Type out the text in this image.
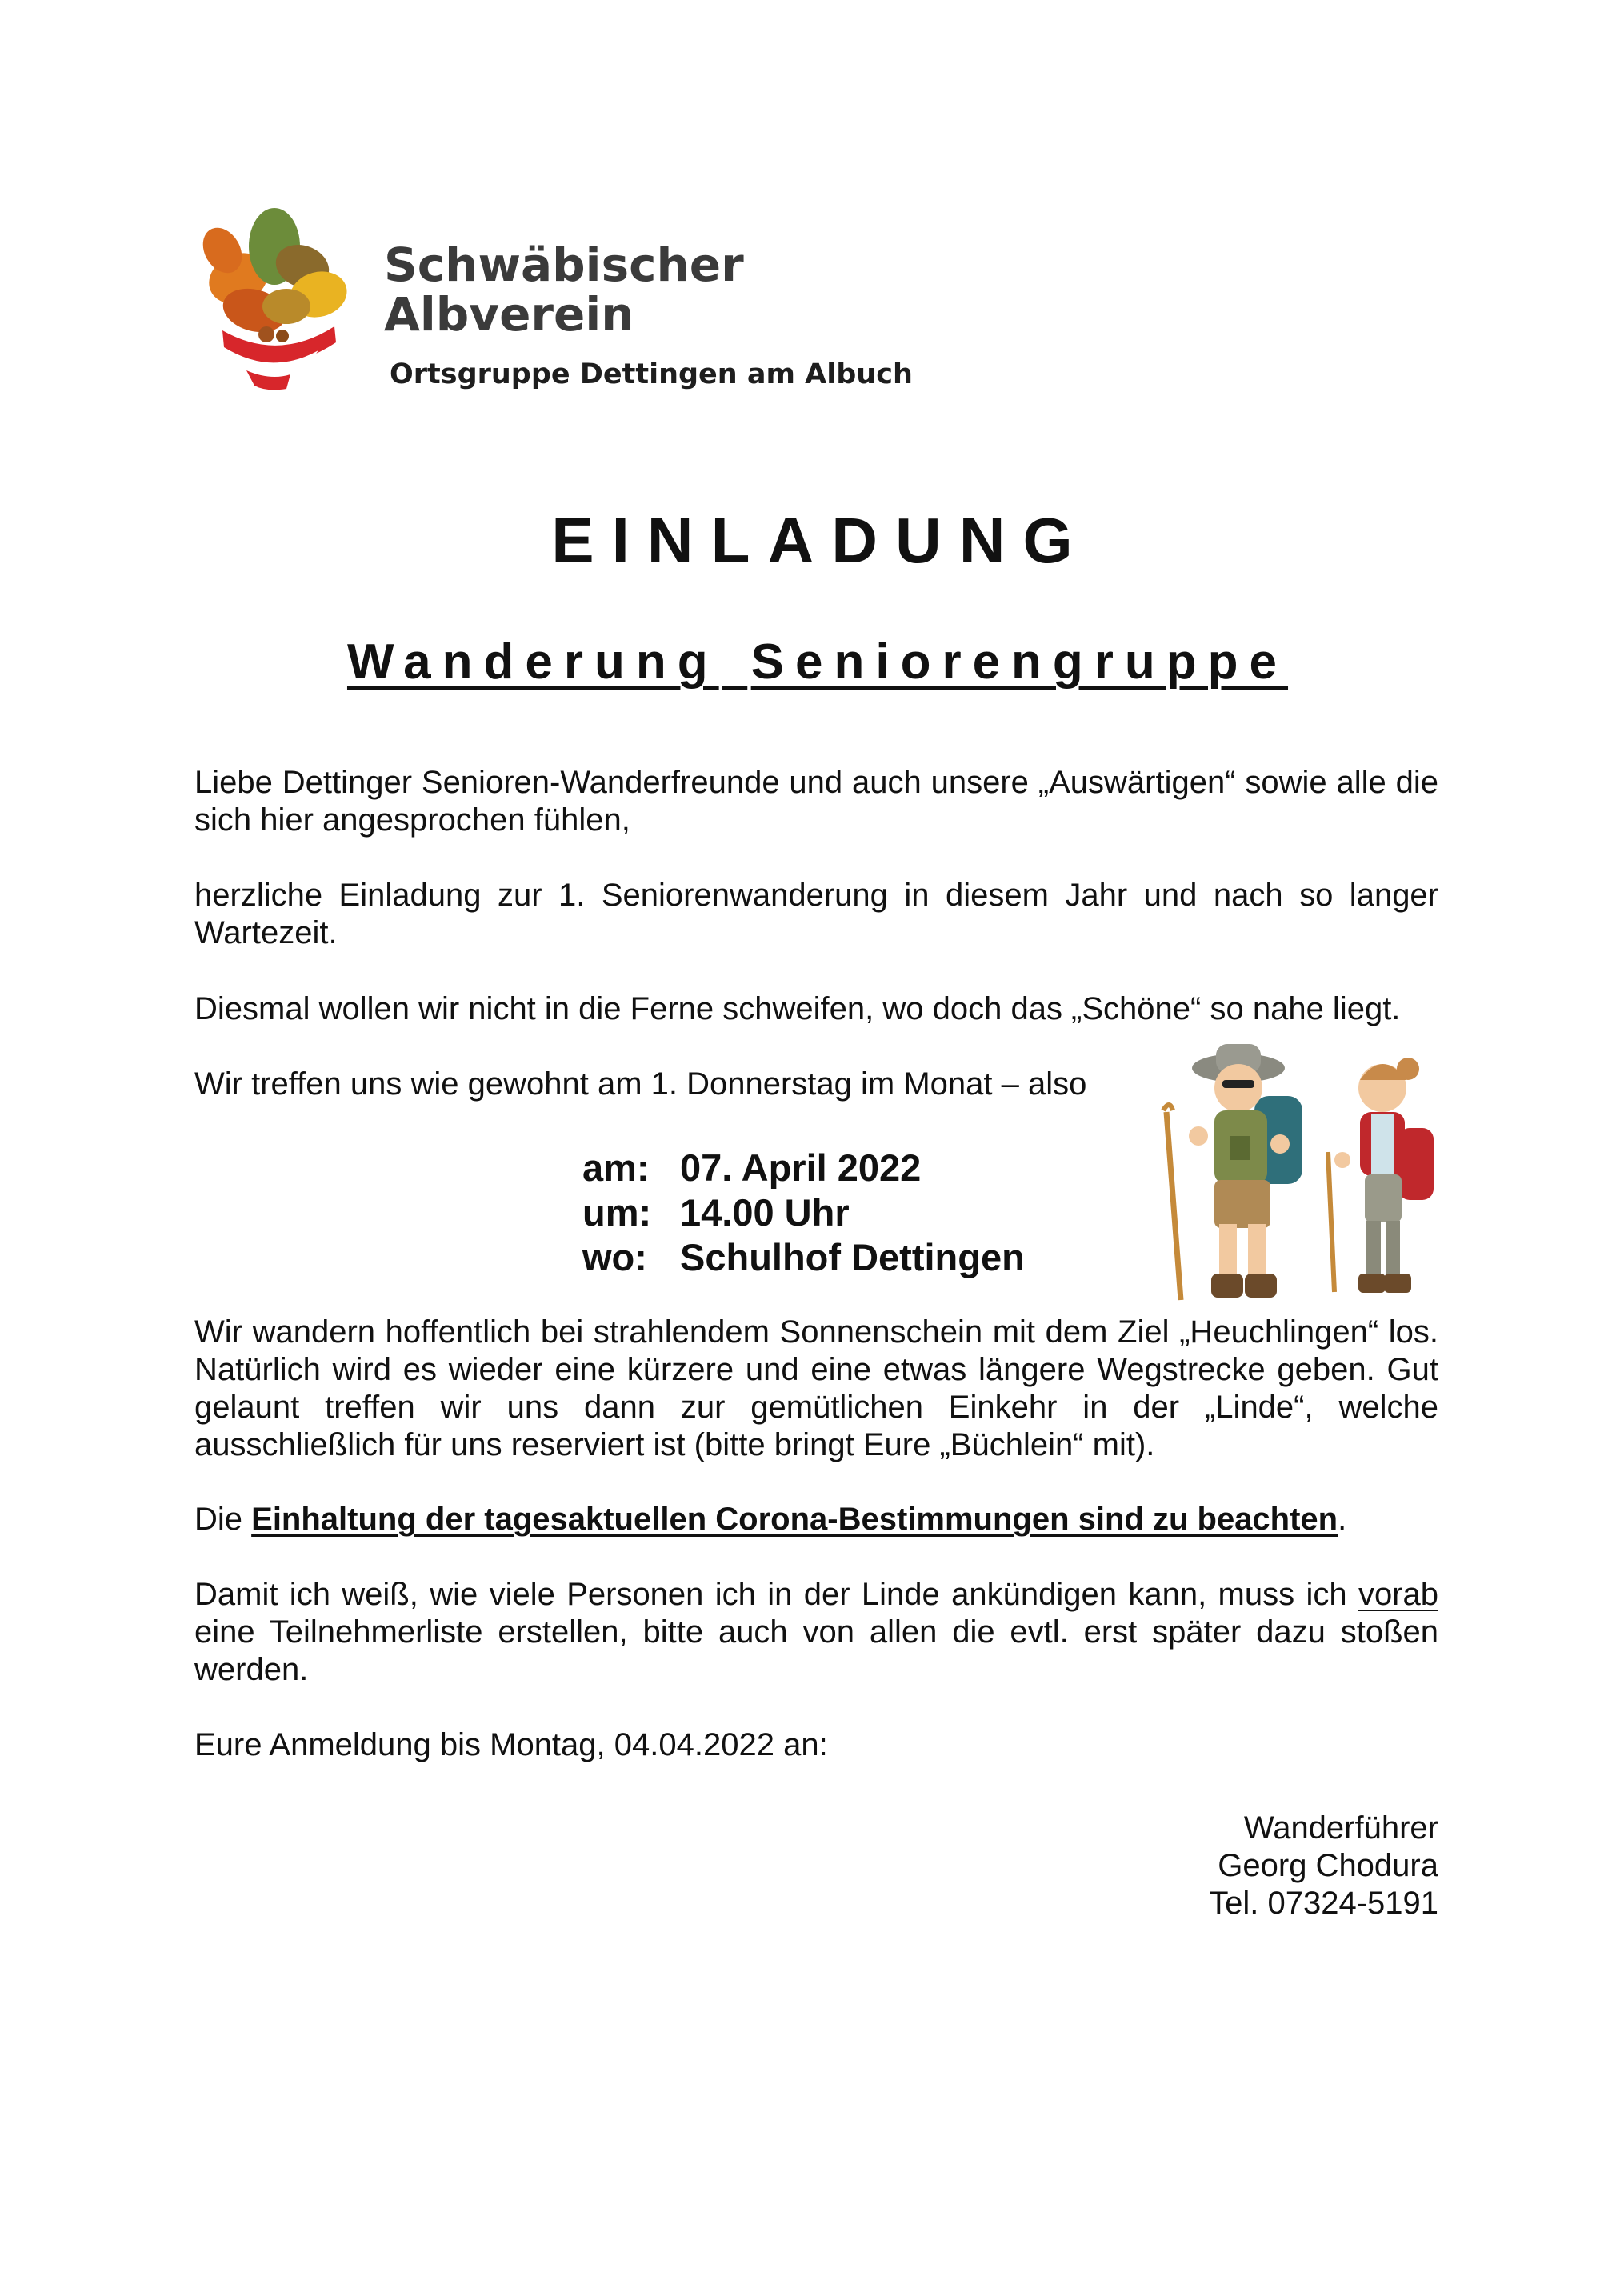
Schwäbischer
Albverein
Ortsgruppe Dettingen am Albuch
EINLADUNG
Wanderung Seniorengruppe
Liebe Dettinger Senioren-Wanderfreunde und auch unsere „Auswärtigen“ sowie alle die sich hier angesprochen fühlen,
herzliche Einladung zur 1. Seniorenwanderung in diesem Jahr und nach so langer Wartezeit.
Diesmal wollen wir nicht in die Ferne schweifen, wo doch das „Schöne“ so nahe liegt.
Wir treffen uns wie gewohnt am 1. Donnerstag im Monat – also
am: 07. April 2022
um: 14.00 Uhr
wo: Schulhof Dettingen
Wir wandern hoffentlich bei strahlendem Sonnenschein mit dem Ziel „Heuchlingen“ los. Natürlich wird es wieder eine kürzere und eine etwas längere Wegstrecke geben. Gut gelaunt treffen wir uns dann zur gemütlichen Einkehr in der „Linde“, welche ausschließlich für uns reserviert ist (bitte bringt Eure „Büchlein“ mit).
Die Einhaltung der tagesaktuellen Corona-Bestimmungen sind zu beachten.
Damit ich weiß, wie viele Personen ich in der Linde ankündigen kann, muss ich vorab eine Teilnehmerliste erstellen, bitte auch von allen die evtl. erst später dazu stoßen werden.
Eure Anmeldung bis Montag, 04.04.2022 an:
Wanderführer
Georg Chodura
Tel. 07324-5191
